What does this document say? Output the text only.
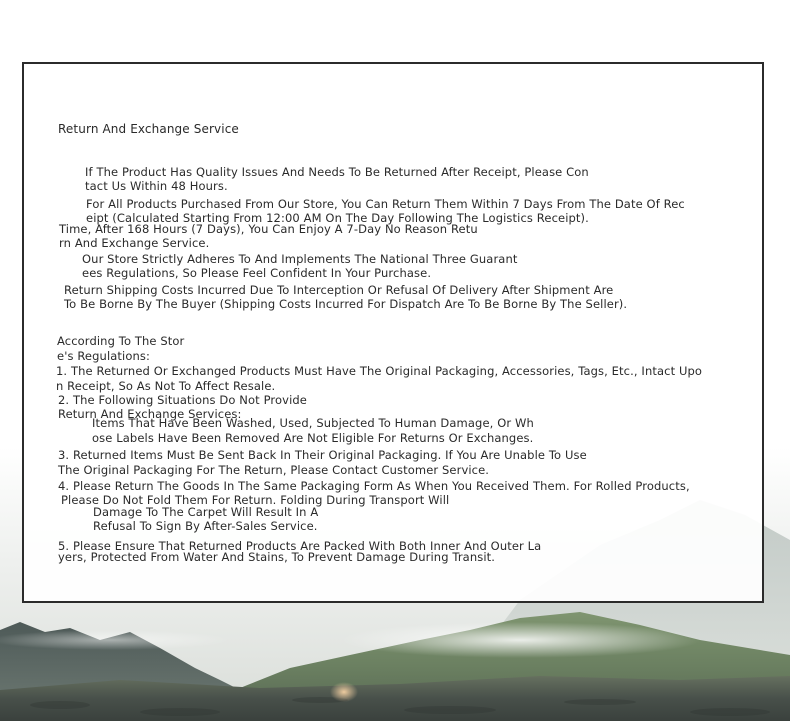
Return And Exchange Service

If The Product Has Quality Issues And Needs To Be Returned After Receipt, Please Con

tact Us Within 48 Hours.

For All Products Purchased From Our Store, You Can Return Them Within 7 Days From The Date Of Rec

eipt (Calculated Starting From 12:00 AM On The Day Following The Logistics Receipt).

Time, After 168 Hours (7 Days), You Can Enjoy A 7-Day No Reason Retu

rn And Exchange Service.

Our Store Strictly Adheres To And Implements The National Three Guarant

ees Regulations, So Please Feel Confident In Your Purchase.

Return Shipping Costs Incurred Due To Interception Or Refusal Of Delivery After Shipment Are

To Be Borne By The Buyer (Shipping Costs Incurred For Dispatch Are To Be Borne By The Seller).

According To The Stor

e's Regulations:

1. The Returned Or Exchanged Products Must Have The Original Packaging, Accessories, Tags, Etc., Intact Upo

n Receipt, So As Not To Affect Resale.

2. The Following Situations Do Not Provide

Return And Exchange Services:

Items That Have Been Washed, Used, Subjected To Human Damage, Or Wh

ose Labels Have Been Removed Are Not Eligible For Returns Or Exchanges.

3. Returned Items Must Be Sent Back In Their Original Packaging. If You Are Unable To Use

The Original Packaging For The Return, Please Contact Customer Service.

4. Please Return The Goods In The Same Packaging Form As When You Received Them. For Rolled Products,

Please Do Not Fold Them For Return. Folding During Transport Will

Damage To The Carpet Will Result In A

Refusal To Sign By After-Sales Service.

5. Please Ensure That Returned Products Are Packed With Both Inner And Outer La

yers, Protected From Water And Stains, To Prevent Damage During Transit.
